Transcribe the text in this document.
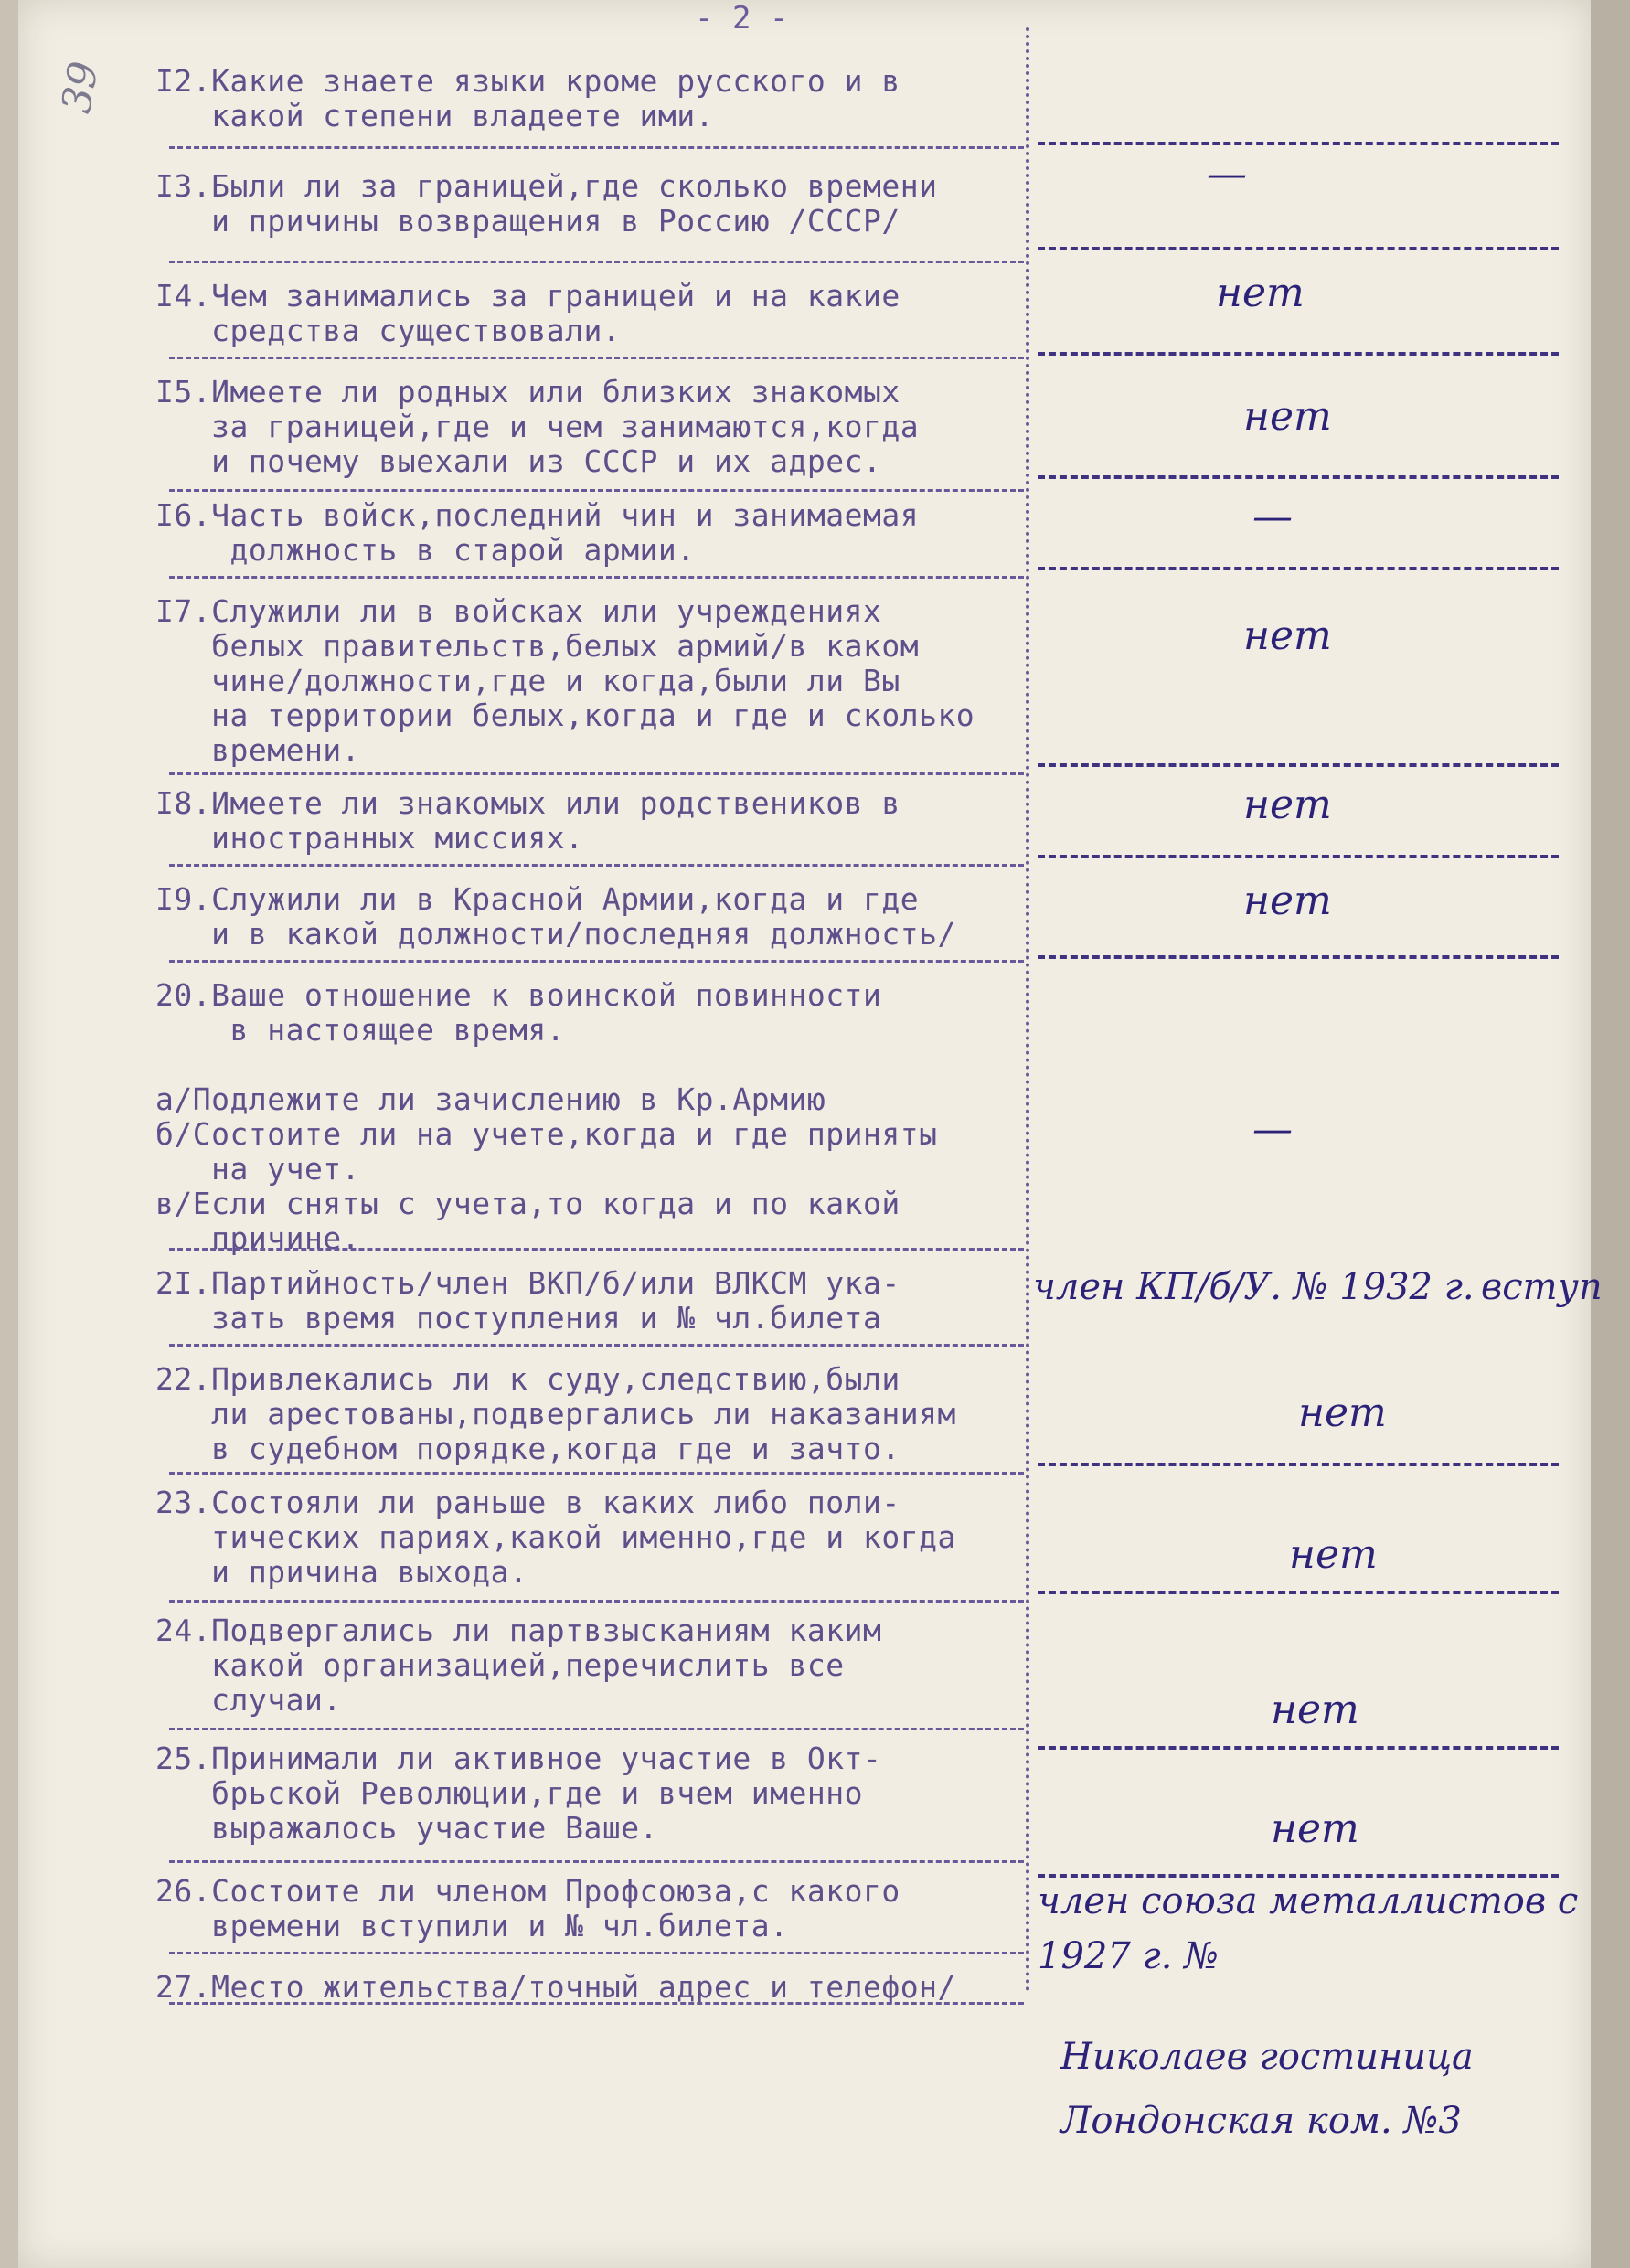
- 2 -
39 I2.Какие знаете языки кроме русского и в
какой степени владеете ими.
I3.Были ли за границей,где сколько времени
и причины возвращения в Россию /СССР/
—
I4.Чем занимались за границей и на какие
средства существовали.
нет
I5.Имеете ли родных или близких знакомых
за границей,где и чем занимаются,когда
и почему выехали из СССР и их адрес.
нет
I6.Часть войск,последний чин и занимаемая
должность в старой армии.
—
I7.Служили ли в войсках или учреждениях
белых правительств,белых армий/в каком
чине/должности,где и когда,были ли Вы
на территории белых,когда и где и сколько
времени.
нет
I8.Имеете ли знакомых или родствеников в
иностранных миссиях.
нет
I9.Служили ли в Красной Армии,когда и где
и в какой должности/последняя должность/
нет
20.Ваше отношение к воинской повинности
в настоящее время.

а/Подлежите ли зачислению в Кр.Армию
б/Состоите ли на учете,когда и где приняты
на учет.
в/Если сняты с учета,то когда и по какой
причине.
—
2I.Партийность/член ВКП/б/или ВЛКСМ ука-
зать время поступления и № чл.билета
член КП/б/У. № 1932 г. вступ
22.Привлекались ли к суду,следствию,были
ли арестованы,подвергались ли наказаниям
в судебном порядке,когда где и зачто.
нет
23.Состояли ли раньше в каких либо поли-
тических париях,какой именно,где и когда
и причина выхода.	нет
24.Подвергались ли партвзысканиям каким
какой организацией,перечислить все
случаи.	нет
25.Принимали ли активное участие в Окт-
брьской Революции,где и вчем именно
выражалось участие Ваше.	нет
26.Состоите ли членом Профсоюза,с какого
времени вступили и № чл.билета.
член союза металлистов с 1927 г. №
27.Место жительства/точный адрес и телефон/
Николаев гостиница Лондонская ком. №3
